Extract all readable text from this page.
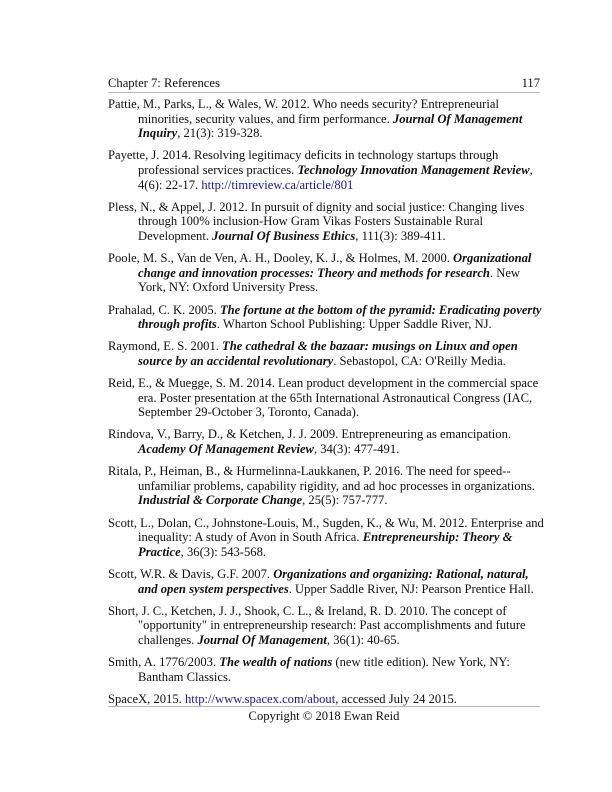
Chapter 7: References	117

Pattie, M., Parks, L., & Wales, W. 2012. Who needs security? Entrepreneurial minorities, security values, and firm performance. Journal Of Management Inquiry, 21(3): 319-328.

Payette, J. 2014. Resolving legitimacy deficits in technology startups through professional services practices. Technology Innovation Management Review, 4(6): 22-17. http://timreview.ca/article/801

Pless, N., & Appel, J. 2012. In pursuit of dignity and social justice: Changing lives through 100% inclusion-How Gram Vikas Fosters Sustainable Rural Development. Journal Of Business Ethics, 111(3): 389-411.

Poole, M. S., Van de Ven, A. H., Dooley, K. J., & Holmes, M. 2000. Organizational change and innovation processes: Theory and methods for research. New York, NY: Oxford University Press.

Prahalad, C. K. 2005. The fortune at the bottom of the pyramid: Eradicating poverty through profits. Wharton School Publishing: Upper Saddle River, NJ.

Raymond, E. S. 2001. The cathedral & the bazaar: musings on Linux and open source by an accidental revolutionary. Sebastopol, CA: O'Reilly Media.

Reid, E., & Muegge, S. M. 2014. Lean product development in the commercial space era. Poster presentation at the 65th International Astronautical Congress (IAC, September 29-October 3, Toronto, Canada).

Rindova, V., Barry, D., & Ketchen, J. J. 2009. Entrepreneuring as emancipation. Academy Of Management Review, 34(3): 477-491.

Ritala, P., Heiman, B., & Hurmelinna-Laukkanen, P. 2016. The need for speed--unfamiliar problems, capability rigidity, and ad hoc processes in organizations. Industrial & Corporate Change, 25(5): 757-777.

Scott, L., Dolan, C., Johnstone-Louis, M., Sugden, K., & Wu, M. 2012. Enterprise and inequality: A study of Avon in South Africa. Entrepreneurship: Theory & Practice, 36(3): 543-568.

Scott, W.R. & Davis, G.F. 2007. Organizations and organizing: Rational, natural, and open system perspectives. Upper Saddle River, NJ: Pearson Prentice Hall.

Short, J. C., Ketchen, J. J., Shook, C. L., & Ireland, R. D. 2010. The concept of "opportunity" in entrepreneurship research: Past accomplishments and future challenges. Journal Of Management, 36(1): 40-65.

Smith, A. 1776/2003. The wealth of nations (new title edition). New York, NY: Bantham Classics.

SpaceX, 2015. http://www.spacex.com/about, accessed July 24 2015.

Copyright © 2018 Ewan Reid
